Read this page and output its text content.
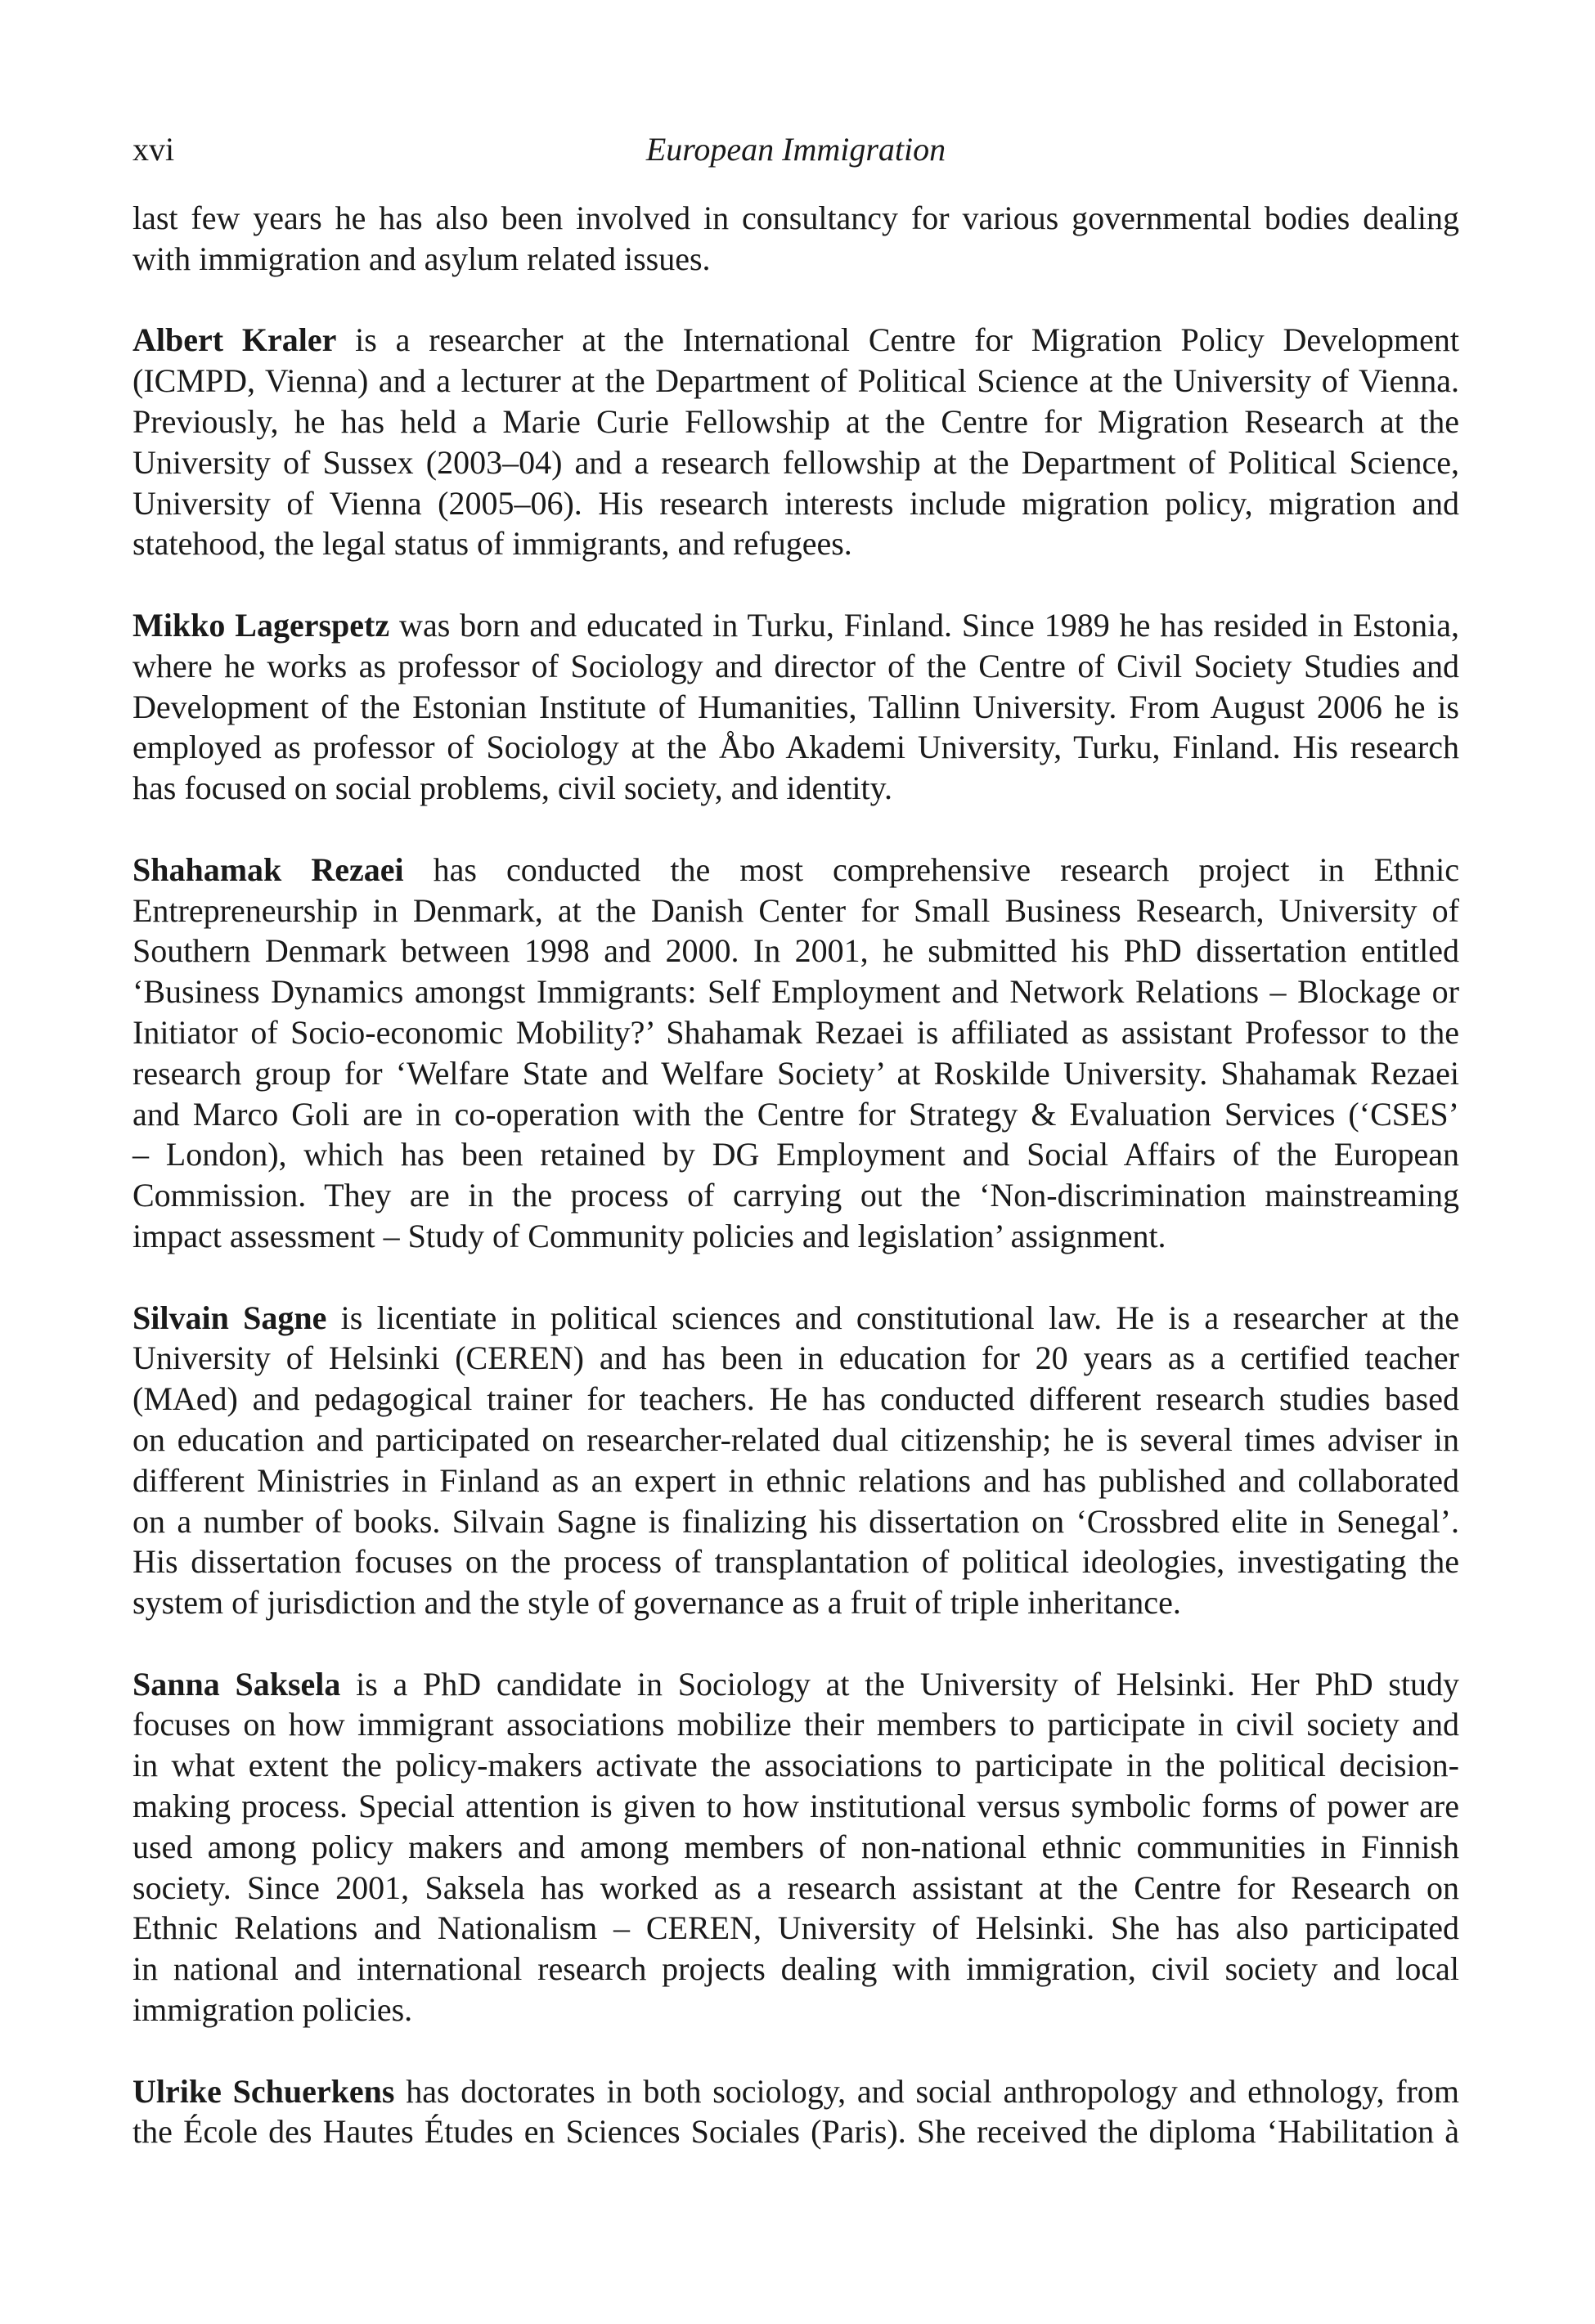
xvi	European Immigration
last few years he has also been involved in consultancy for various governmental bodies dealing
with immigration and asylum related issues.
Albert Kraler is a researcher at the International Centre for Migration Policy Development
(ICMPD, Vienna) and a lecturer at the Department of Political Science at the University of Vienna.
Previously, he has held a Marie Curie Fellowship at the Centre for Migration Research at the
University of Sussex (2003–04) and a research fellowship at the Department of Political Science,
University of Vienna (2005–06). His research interests include migration policy, migration and
statehood, the legal status of immigrants, and refugees.
Mikko Lagerspetz was born and educated in Turku, Finland. Since 1989 he has resided in Estonia,
where he works as professor of Sociology and director of the Centre of Civil Society Studies and
Development of the Estonian Institute of Humanities, Tallinn University. From August 2006 he is
employed as professor of Sociology at the Åbo Akademi University, Turku, Finland. His research
has focused on social problems, civil society, and identity.
Shahamak Rezaei has conducted the most comprehensive research project in Ethnic
Entrepreneurship in Denmark, at the Danish Center for Small Business Research, University of
Southern Denmark between 1998 and 2000. In 2001, he submitted his PhD dissertation entitled
‘Business Dynamics amongst Immigrants: Self Employment and Network Relations – Blockage or
Initiator of Socio-economic Mobility?’ Shahamak Rezaei is affiliated as assistant Professor to the
research group for ‘Welfare State and Welfare Society’ at Roskilde University. Shahamak Rezaei
and Marco Goli are in co-operation with the Centre for Strategy & Evaluation Services (‘CSES’
– London), which has been retained by DG Employment and Social Affairs of the European
Commission. They are in the process of carrying out the ‘Non-discrimination mainstreaming
impact assessment – Study of Community policies and legislation’ assignment.
Silvain Sagne is licentiate in political sciences and constitutional law. He is a researcher at the
University of Helsinki (CEREN) and has been in education for 20 years as a certified teacher
(MAed) and pedagogical trainer for teachers. He has conducted different research studies based
on education and participated on researcher-related dual citizenship; he is several times adviser in
different Ministries in Finland as an expert in ethnic relations and has published and collaborated
on a number of books. Silvain Sagne is finalizing his dissertation on ‘Crossbred elite in Senegal’.
His dissertation focuses on the process of transplantation of political ideologies, investigating the
system of jurisdiction and the style of governance as a fruit of triple inheritance.
Sanna Saksela is a PhD candidate in Sociology at the University of Helsinki. Her PhD study
focuses on how immigrant associations mobilize their members to participate in civil society and
in what extent the policy-makers activate the associations to participate in the political decision-
making process. Special attention is given to how institutional versus symbolic forms of power are
used among policy makers and among members of non-national ethnic communities in Finnish
society. Since 2001, Saksela has worked as a research assistant at the Centre for Research on
Ethnic Relations and Nationalism – CEREN, University of Helsinki. She has also participated
in national and international research projects dealing with immigration, civil society and local
immigration policies.
Ulrike Schuerkens has doctorates in both sociology, and social anthropology and ethnology, from
the École des Hautes Études en Sciences Sociales (Paris). She received the diploma ‘Habilitation à
